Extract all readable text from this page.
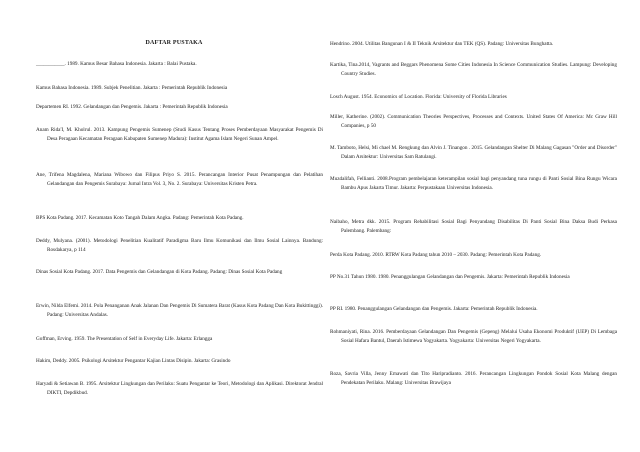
DAFTAR PUSTAKA
___________. 1989. Kamus Besar Bahasa Indonesia. Jakarta : Balai Pustaka.
Kamus Bahasa Indonesia. 1989. Subjek Penelitian. Jakarta : Pemerintah Republik Indonesia
Departemen RI. 1992. Gelandangan dan Pengemis. Jakarta : Pemerintah Republik Indonesia
Anam Rida'I, M. Kholrul. 2013. Kampung Pengemis Sumenep (Studi Kasus Tentang Proses Pemberdayaan Masyarakat Pengemis Di Desa Peragaan Kecamatan Peragaan Kabupaten Sumenep Madura): Institut Agama Islam Negeri Sunan Ampel.
Ane, Trifena Magdalena, Mariana Wibowo dan Filipus Priyo S. 2015. Perancangan Interior Pusat Penampungan dan Pelatihan Gelandangan dan Pengemis Surabaya: Jurnal Intra Vol. 3, No. 2. Surabaya: Universitas Kristen Petra.
BPS Kota Padang. 2017. Kecamatan Koto Tangah Dalam Angka. Padang: Pemerintah Kota Padang.
Deddy, Mulyana. (2001). Metodologi Penelitian Kualitatif Paradigma Baru Ilmu Komunikasi dan Ilmu Sosial Lainnya. Bandung: Rosdakarya, p 114
Dinas Sosial Kota Padang. 2017. Data Pengemis dan Gelandangan di Kota Padang. Padang: Dinas Sosial Kota Padang
Erwin, Nilda Elfemi. 2014. Pola Penanganan Anak Jalanan Dan Pengemis Di Sumatera Barat (Kasus Kota Padang Dan Kota Bukittinggi). Padang: Universitas Andalas.
Goffman, Erving. 1959. The Presentation of Self in Everyday Life. Jakarta: Erlangga
Hakim, Deddy. 2005. Psikologi Arsitektur Pengantar Kajian Lintas Disipin. Jakarta: Grasindo
Haryadi & Setiawan B. 1995. Arsitektur Lingkungan dan Perilaku: Suatu Pengantar ke Teori, Metodologi dan Aplikasi. Direktorat Jendral DIKTI, Depdikbud.
Hendrino. 2004. Utilitas Bangunan I & II Teknik Arsitektur dan TEK (QS). Padang: Universitas Bunghatta.
Kartika, Tina.2014, Vagrants and Beggars Phenomena Some Cities Indonesia In Science Communication Studies. Lampung: Developing Country Studies.
Losch August. 1954. Economics of Location. Florida: University of Florida Libraries
Miller, Katherine. (2002). Communication Theories Perspectives, Processes and Contexts. United States Of America: Mc Graw Hill Companies, p 50
M. Tamboto, Helsi, Mi chael M. Rengkung dan Alvin J. Tinangon . 2015. Gelandangan Shelter Di Malang Gagasan "Order and Disorder" Dalam Arsitektur: Universitas Sam Ratulangi.
Muzdalifah, Fellianti. 2008.Program pembelajaran keterampilan sosial bagi penyandang tuna rungu di Panti Sosial Bina Rungu Wicara Bambu Apus Jakarta Timur. Jakarta: Perpustakaan Universitas Indonesia.
Naibaho, Metra dkk. 2015. Program Rehabilitasi Sosial Bagi Penyandang Disabilitas Di Panti Sosial Bina Daksa Budi Perkasa Palembang. Palembang:
Perda Kota Padang. 2010. RTRW Kota Padang tahun 2010 – 2030. Padang: Pemerintah Kota Padang.
PP No.31 Tahun 1980. 1980. Penanggulangan Gelandangan dan Pengemis. Jakarta: Pemerintah Republik Indonesia
PP RI. 1980. Penanggulangan Gelandangan dan Pengemis. Jakarta: Pemerintah Republik Indonesia.
Rohmaniyati, Rina. 2016. Pemberdayaan Gelandangan Dan Pengemis (Gepeng) Melalui Usaha Ekonomi Produktif (UEP) Di Lembaga Sosial Hafara Bantul, Daerah Istimewa Yogyakarta. Yogyakarta: Universitas Negeri Yogyakarta.
Roza, Savria Villa, Jenny Ernawati dan Tito Haripradianto. 2016. Perancangan Lingkungan Pondok Sosial Kota Malang dengan Pendekatan Perilaku. Malang: Universitas Brawijaya
